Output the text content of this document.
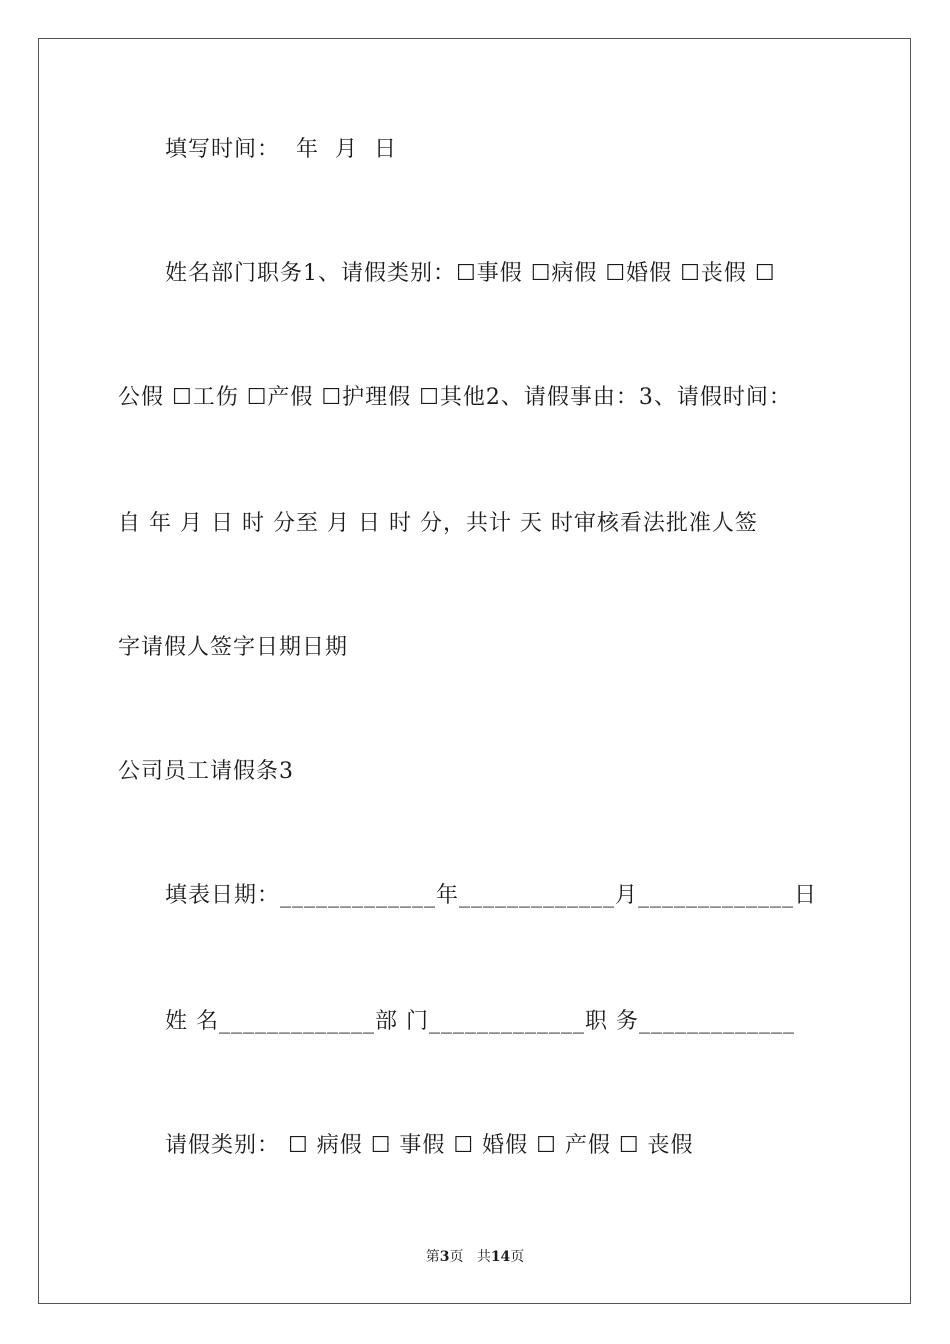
填写时间：  年  月  日
姓名部门职务1、请假类别：☐事假 ☐病假 ☐婚假 ☐丧假 ☐
公假 ☐工伤 ☐产假 ☐护理假 ☐其他2、请假事由：3、请假时间：
自 年 月 日 时 分至 月 日 时 分，共计 天 时审核看法批准人签
字请假人签字日期日期
公司员工请假条3
填表日期：_____________年_____________月_____________日
姓 名_____________部 门_____________职 务_____________
请假类别： ☐ 病假 ☐ 事假 ☐ 婚假 ☐ 产假 ☐ 丧假
第3页 共14页
